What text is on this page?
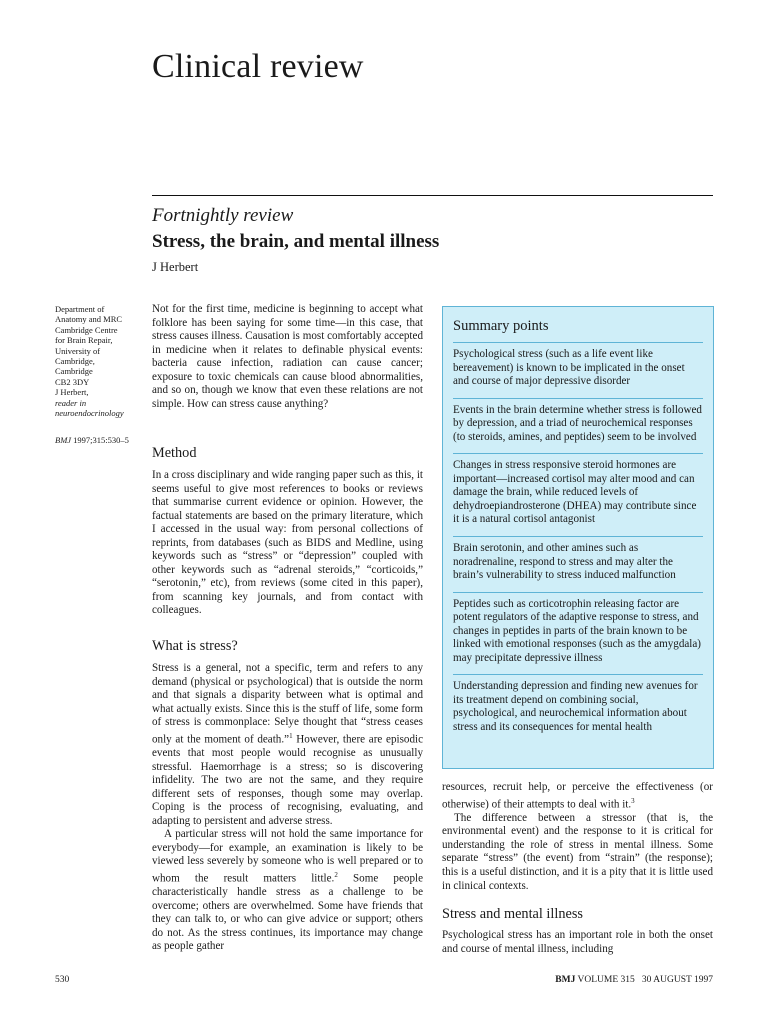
Clinical review
Fortnightly review
Stress, the brain, and mental illness
J Herbert

Department of

Anatomy and MRC

Cambridge Centre

for Brain Repair,

University of

Cambridge,

Cambridge

CB2 3DY

J Herbert,

reader in

neuroendocrinology

BMJ 1997;315:530–5

Not for the first time, medicine is beginning to accept what folklore has been saying for some time—in this case, that stress causes illness. Causation is most comfortably accepted in medicine when it relates to definable physical events: bacteria cause infection, radiation can cause cancer; exposure to toxic chemicals can cause blood abnormalities, and so on, though we know that even these relations are not simple. How can stress cause anything?

Method

In a cross disciplinary and wide ranging paper such as this, it seems useful to give most references to books or reviews that summarise current evidence or opinion. However, the factual statements are based on the primary literature, which I accessed in the usual way: from personal collections of reprints, from databases (such as BIDS and Medline, using keywords such as “stress” or “depression” coupled with other keywords such as “adrenal steroids,” “corticoids,” “serotonin,” etc), from reviews (some cited in this paper), from scanning key journals, and from contact with colleagues.

What is stress?

Stress is a general, not a specific, term and refers to any demand (physical or psychological) that is outside the norm and that signals a disparity between what is optimal and what actually exists. Since this is the stuff of life, some form of stress is commonplace: Selye thought that “stress ceases only at the moment of death.”$^1$ However, there are episodic events that most people would recognise as unusually stressful. Haemorrhage is a stress; so is discovering infidelity. The two are not the same, and they require different sets of responses, though some may overlap. Coping is the process of recognising, evaluating, and adapting to persistent and adverse stress.

A particular stress will not hold the same importance for everybody—for example, an examination is likely to be viewed less severely by someone who is well prepared or to whom the result matters little.$^2$ Some people characteristically handle stress as a challenge to be overcome; others are overwhelmed. Some have friends that they can talk to, or who can give advice or support; others do not. As the stress continues, its importance may change as people gather

Summary points
Psychological stress (such as a life event like bereavement) is known to be implicated in the onset and course of major depressive disorder
Events in the brain determine whether stress is followed by depression, and a triad of neurochemical responses (to steroids, amines, and peptides) seem to be involved
Changes in stress responsive steroid hormones are important—increased cortisol may alter mood and can damage the brain, while reduced levels of dehydroepiandrosterone (DHEA) may contribute since it is a natural cortisol antagonist
Brain serotonin, and other amines such as noradrenaline, respond to stress and may alter the brain’s vulnerability to stress induced malfunction
Peptides such as corticotrophin releasing factor are potent regulators of the adaptive response to stress, and changes in peptides in parts of the brain known to be linked with emotional responses (such as the amygdala) may precipitate depressive illness
Understanding depression and finding new avenues for its treatment depend on combining social, psychological, and neurochemical information about stress and its consequences for mental health

resources, recruit help, or perceive the effectiveness (or otherwise) of their attempts to deal with it.$^3$

The difference between a stressor (that is, the environmental event) and the response to it is critical for understanding the role of stress in mental illness. Some separate “stress” (the event) from “strain” (the response); this is a useful distinction, and it is a pity that it is little used in clinical contexts.

Stress and mental illness

Psychological stress has an important role in both the onset and course of mental illness, including

530	BMJ VOLUME 315   30 AUGUST 1997
